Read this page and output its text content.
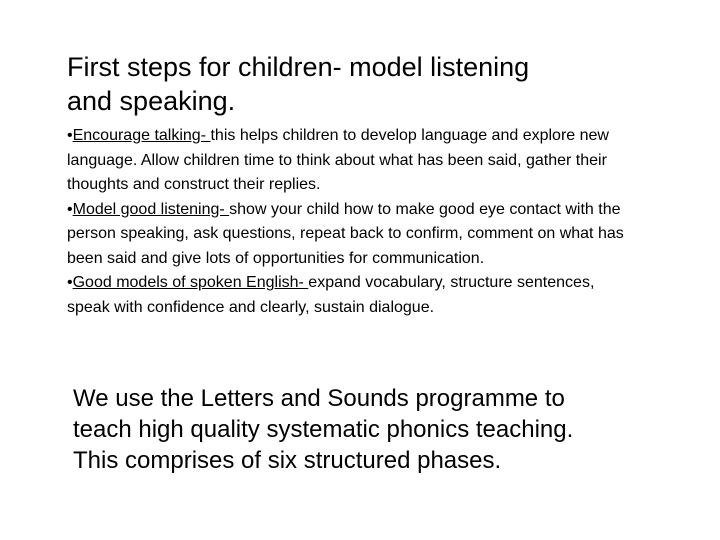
First steps for children- model listening
and speaking.
•Encourage talking- this helps children to develop language and explore new language. Allow children time to think about what has been said, gather their thoughts and construct their replies.
•Model good listening- show your child how to make good eye contact with the person speaking, ask questions, repeat back to confirm, comment on what has been said and give lots of opportunities for communication.
•Good models of spoken English- expand vocabulary, structure sentences, speak with confidence and clearly, sustain dialogue.

We use the Letters and Sounds programme to
teach high quality systematic phonics teaching.
This comprises of six structured phases.
